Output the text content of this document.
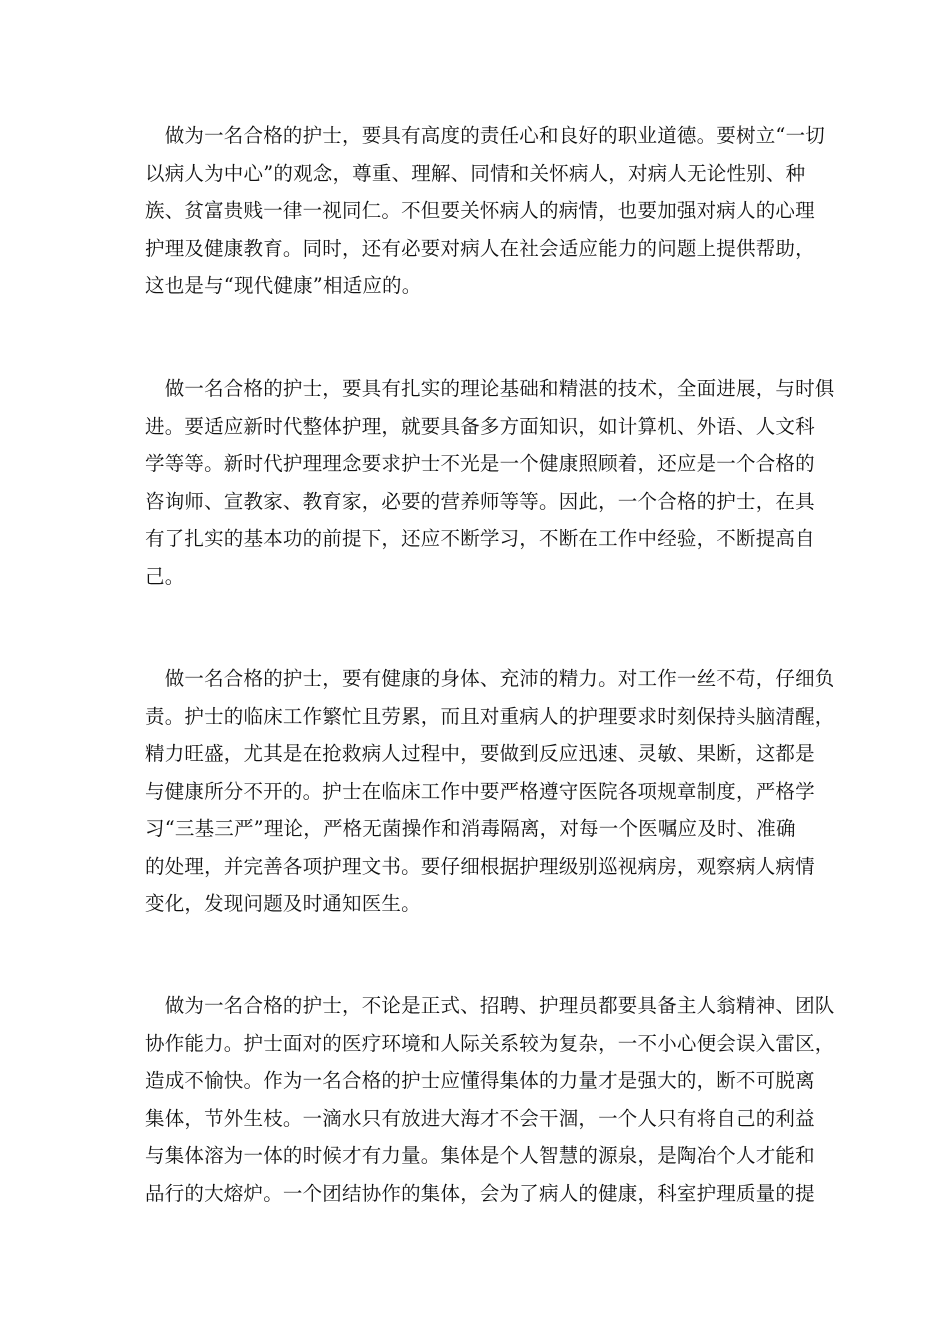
　做为一名合格的护士，要具有高度的责任心和良好的职业道德。要树立“一切
以病人为中心”的观念，尊重、理解、同情和关怀病人，对病人无论性别、种
族、贫富贵贱一律一视同仁。不但要关怀病人的病情，也要加强对病人的心理
护理及健康教育。同时，还有必要对病人在社会适应能力的问题上提供帮助，
这也是与“现代健康”相适应的。
　做一名合格的护士，要具有扎实的理论基础和精湛的技术，全面进展，与时俱
进。要适应新时代整体护理，就要具备多方面知识，如计算机、外语、人文科
学等等。新时代护理理念要求护士不光是一个健康照顾着，还应是一个合格的
咨询师、宣教家、教育家，必要的营养师等等。因此，一个合格的护士，在具
有了扎实的基本功的前提下，还应不断学习，不断在工作中经验，不断提高自
己。
　做一名合格的护士，要有健康的身体、充沛的精力。对工作一丝不苟，仔细负
责。护士的临床工作繁忙且劳累，而且对重病人的护理要求时刻保持头脑清醒，
精力旺盛，尤其是在抢救病人过程中，要做到反应迅速、灵敏、果断，这都是
与健康所分不开的。护士在临床工作中要严格遵守医院各项规章制度，严格学
习“三基三严”理论，严格无菌操作和消毒隔离，对每一个医嘱应及时、准确
的处理，并完善各项护理文书。要仔细根据护理级别巡视病房，观察病人病情
变化，发现问题及时通知医生。
　做为一名合格的护士，不论是正式、招聘、护理员都要具备主人翁精神、团队
协作能力。护士面对的医疗环境和人际关系较为复杂，一不小心便会误入雷区，
造成不愉快。作为一名合格的护士应懂得集体的力量才是强大的，断不可脱离
集体，节外生枝。一滴水只有放进大海才不会干涸，一个人只有将自己的利益
与集体溶为一体的时候才有力量。集体是个人智慧的源泉，是陶冶个人才能和
品行的大熔炉。一个团结协作的集体，会为了病人的健康，科室护理质量的提
